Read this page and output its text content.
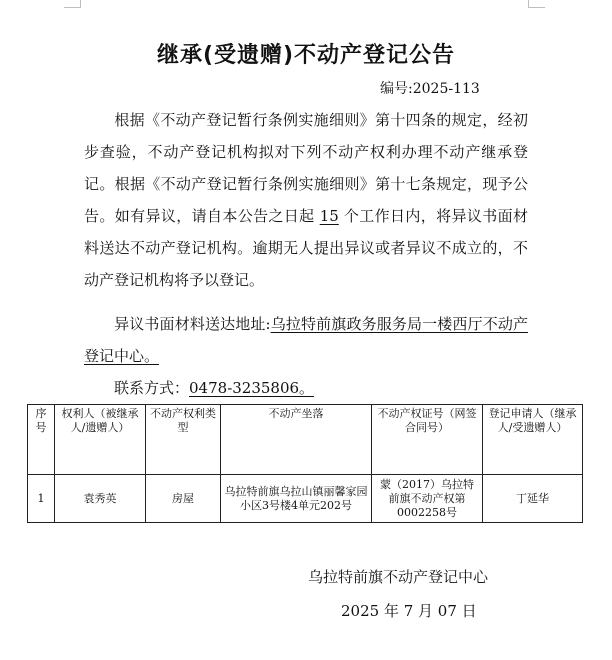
继承(受遗赠)不动产登记公告
编号:2025-113
根据《不动产登记暂行条例实施细则》第十四条的规定，经初步查验，不动产登记机构拟对下列不动产权利办理不动产继承登记。根据《不动产登记暂行条例实施细则》第十七条规定，现予公告。如有异议，请自本公告之日起 15 个工作日内，将异议书面材料送达不动产登记机构。逾期无人提出异议或者异议不成立的，不动产登记机构将予以登记。
异议书面材料送达地址:乌拉特前旗政务服务局一楼西厅不动产登记中心。
联系方式：0478-3235806。
序号	权利人（被继承人/遗赠人）	不动产权利类型	不动产坐落	不动产权证号（网签合同号）	登记申请人（继承人/受遗赠人）
1	袁秀英	房屋	乌拉特前旗乌拉山镇丽馨家园小区3号楼4单元202号	蒙（2017）乌拉特前旗不动产权第0002258号	丁延华
乌拉特前旗不动产登记中心
2025 年 7 月 07 日
